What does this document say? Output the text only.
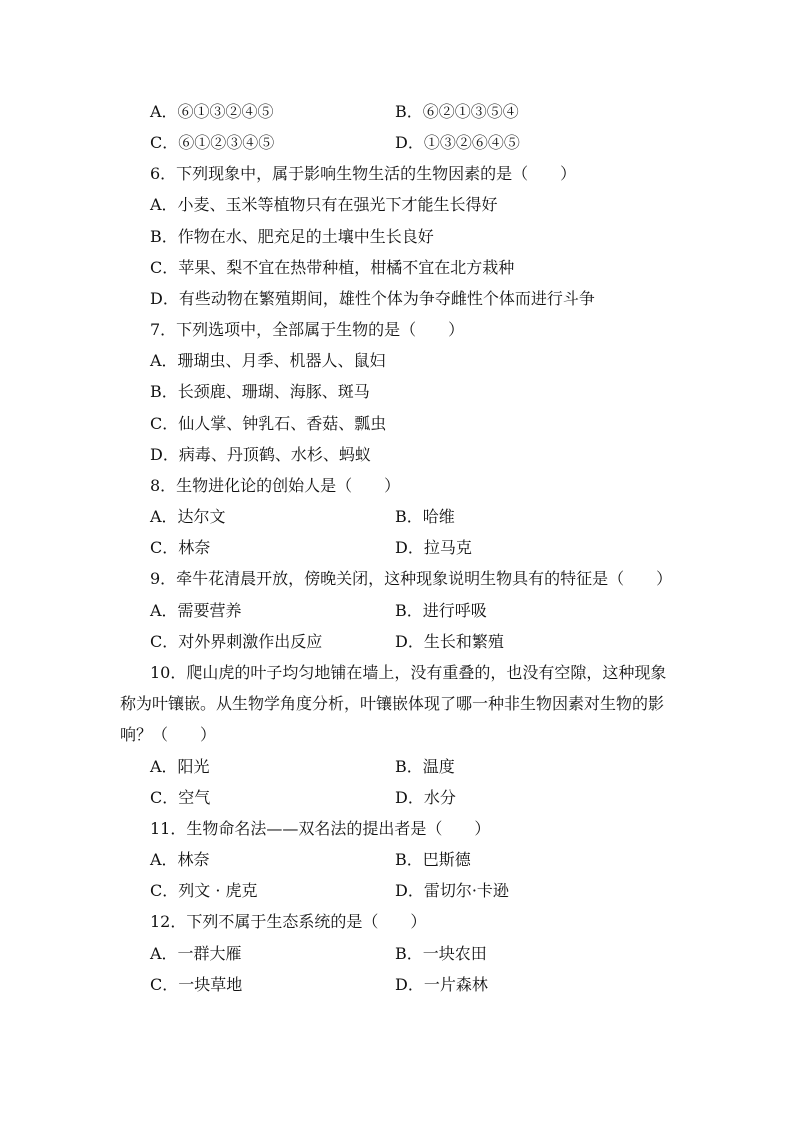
A．⑥①③②④⑤	B．⑥②①③⑤④
C．⑥①②③④⑤	D．①③②⑥④⑤
6．下列现象中，属于影响生物生活的生物因素的是（　　）
A．小麦、玉米等植物只有在强光下才能生长得好
B．作物在水、肥充足的土壤中生长良好
C．苹果、梨不宜在热带种植，柑橘不宜在北方栽种
D．有些动物在繁殖期间，雄性个体为争夺雌性个体而进行斗争
7．下列选项中，全部属于生物的是（　　）
A．珊瑚虫、月季、机器人、鼠妇
B．长颈鹿、珊瑚、海豚、斑马
C．仙人掌、钟乳石、香菇、瓢虫
D．病毒、丹顶鹤、水杉、蚂蚁
8．生物进化论的创始人是（　　）
A．达尔文	B．哈维
C．林奈	D．拉马克
9．牵牛花清晨开放，傍晚关闭，这种现象说明生物具有的特征是（　　）
A．需要营养	B．进行呼吸
C．对外界刺激作出反应	D．生长和繁殖
10．爬山虎的叶子均匀地铺在墙上，没有重叠的，也没有空隙，这种现象
称为叶镶嵌。从生物学角度分析，叶镶嵌体现了哪一种非生物因素对生物的影
响？（　　）
A．阳光	B．温度
C．空气	D．水分
11．生物命名法——双名法的提出者是（　　）
A．林奈	B．巴斯德
C．列文 · 虎克	D．雷切尔·卡逊
12．下列不属于生态系统的是（　　）
A．一群大雁	B．一块农田
C．一块草地	D．一片森林
